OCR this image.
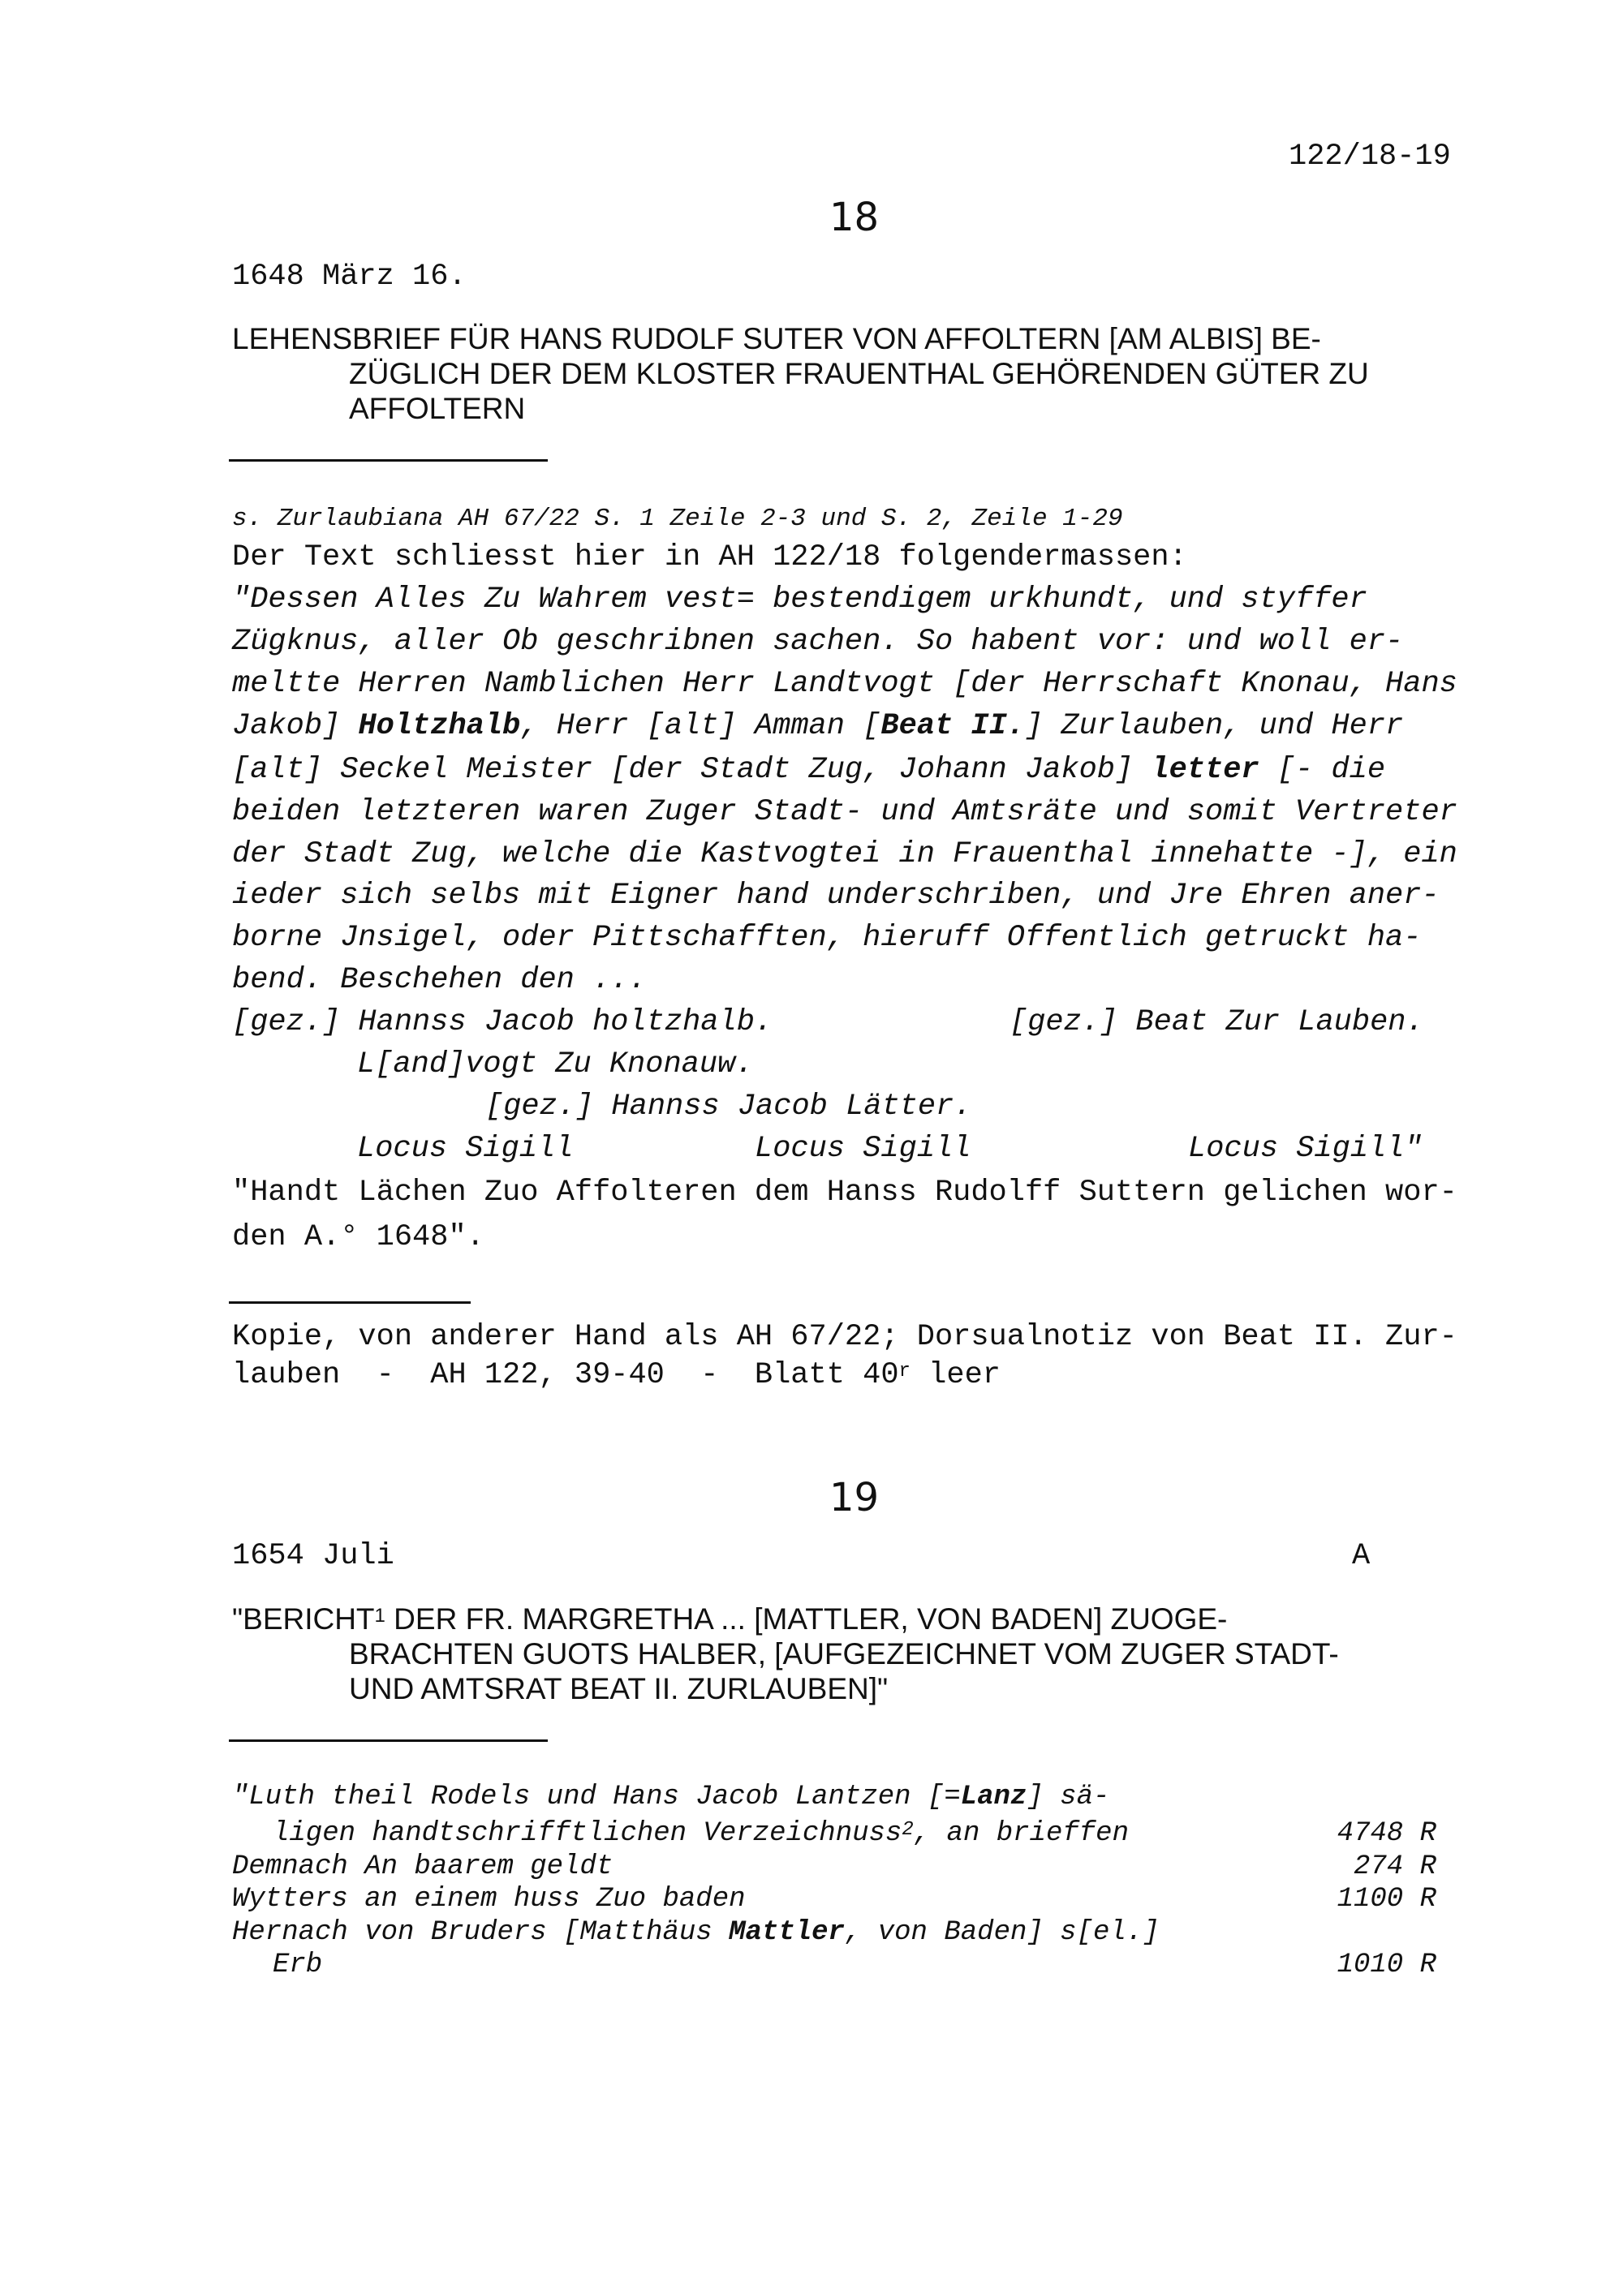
122/18-19
18
1648 März 16.
LEHENSBRIEF FÜR HANS RUDOLF SUTER VON AFFOLTERN [AM ALBIS] BE-
ZÜGLICH DER DEM KLOSTER FRAUENTHAL GEHÖRENDEN GÜTER ZU
AFFOLTERN
s. Zurlaubiana AH 67/22 S. 1 Zeile 2-3 und S. 2, Zeile 1-29
Der Text schliesst hier in AH 122/18 folgendermassen:
"Dessen Alles Zu Wahrem vest= bestendigem urkhundt, und styffer
Zügknus, aller Ob geschribnen sachen. So habent vor: und woll er-
meltte Herren Namblichen Herr Landtvogt [der Herrschaft Knonau, Hans
Jakob] Holtzhalb, Herr [alt] Amman [Beat II.] Zurlauben, und Herr
[alt] Seckel Meister [der Stadt Zug, Johann Jakob] letter [- die
beiden letzteren waren Zuger Stadt- und Amtsräte und somit Vertreter
der Stadt Zug, welche die Kastvogtei in Frauenthal innehatte -], ein
ieder sich selbs mit Eigner hand underschriben, und Jre Ehren aner-
borne Jnsigel, oder Pittschafften, hieruff Offentlich getruckt ha-
bend. Beschehen den ...
[gez.] Hannss Jacob holtzhalb.	[gez.] Beat Zur Lauben.
L[and]vogt Zu Knonauw.
[gez.] Hannss Jacob Lätter.
Locus Sigill	Locus Sigill	Locus Sigill"
"Handt Lächen Zuo Affolteren dem Hanss Rudolff Suttern gelichen wor-
den A.° 1648".
Kopie, von anderer Hand als AH 67/22; Dorsualnotiz von Beat II. Zur-
lauben  -  AH 122, 39-40  -  Blatt 40$^r$ leer
19
1654 Juli	A
"BERICHT$^1$ DER FR. MARGRETHA ... [MATTLER, VON BADEN] ZUOGE-
BRACHTEN GUOTS HALBER, [AUFGEZEICHNET VOM ZUGER STADT-
UND AMTSRAT BEAT II. ZURLAUBEN]"
"Luth theil Rodels und Hans Jacob Lantzen [=Lanz] sä-
ligen handtschrifftlichen Verzeichnuss$^2$, an brieffen	4748 R
Demnach An baarem geldt	274 R
Wytters an einem huss Zuo baden	1100 R
Hernach von Bruders [Matthäus Mattler, von Baden] s[el.]
Erb	1010 R
